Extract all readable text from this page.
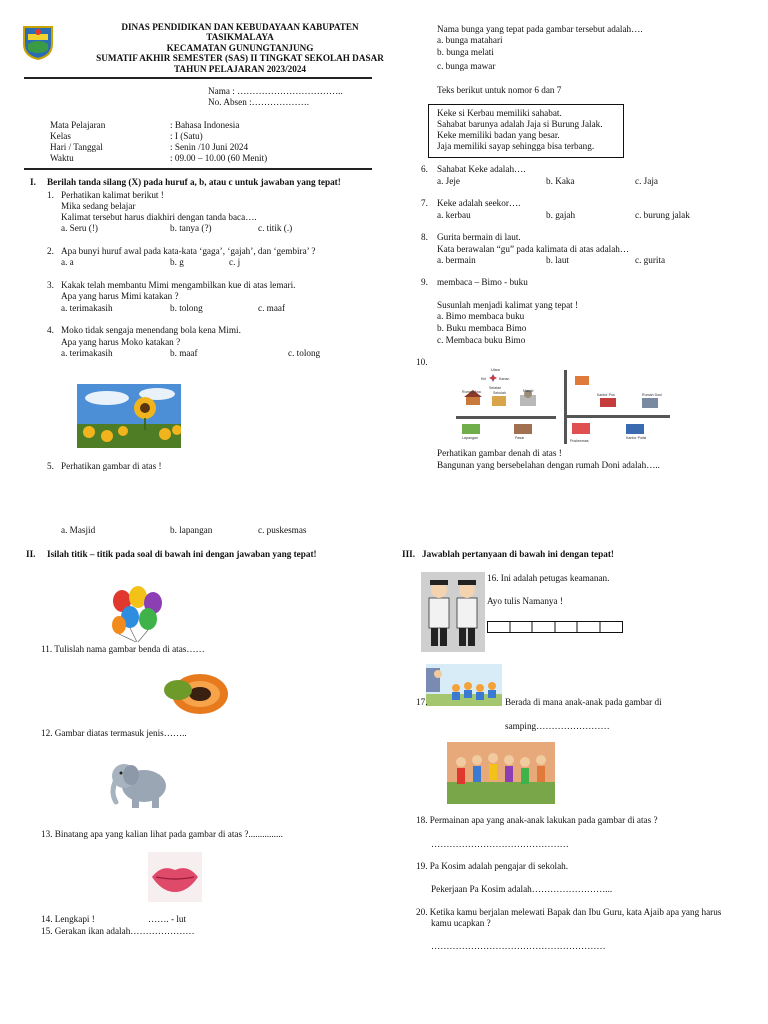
DINAS PENDIDIKAN DAN KEBUDAYAAN KABUPATEN
TASIKMALAYA
KECAMATAN GUNUNGTANJUNG
SUMATIF AKHIR SEMESTER (SAS) II TINGKAT SEKOLAH DASAR
TAHUN PELAJARAN 2023/2024
Nama : ……………………………..
No. Absen :……………….
Mata Pelajaran	: Bahasa Indonesia
Kelas	: I (Satu)
Hari / Tanggal	: Senin /10 Juni 2024
Waktu	: 09.00 – 10.00 (60 Menit)
I. Berilah tanda silang (X) pada huruf a, b, atau c untuk jawaban yang tepat!
1. Perhatikan kalimat berikut !
Mika sedang belajar
Kalimat tersebut harus diakhiri dengan tanda baca….
a. Seru (!)	b. tanya (?)	c. titik (.)
2. Apa bunyi huruf awal pada kata-kata ‘gaga’, ‘gajah’, dan ‘gembira’ ?
a. a	b. g	c. j
3. Kakak telah membantu Mimi mengambilkan kue di atas lemari.
Apa yang harus Mimi katakan ?
a. terimakasih	b. tolong	c. maaf
4. Moko tidak sengaja menendang bola kena Mimi.
Apa yang harus Moko katakan ?
a. terimakasih	b. maaf	c. tolong
5. Perhatikan gambar di atas !
a. Masjid	b. lapangan	c. puskesmas
Nama bunga yang tepat pada gambar tersebut adalah….
a. bunga matahari
b. bunga melati
c. bunga mawar
Teks berikut untuk nomor 6 dan 7
Keke si Kerbau memiliki sahabat.
Sahabat barunya adalah Jaja si Burung Jalak.
Keke memiliki badan yang besar.
Jaja memiliki sayap sehingga bisa terbang.
6. Sahabat Keke adalah….
a. Jeje	b. Kaka	c. Jaja
7. Keke adalah seekor….
a. kerbau	b. gajah	c. burung jalak
8. Gurita bermain di laut.
Kata berawalan “gu” pada kalimata di atas adalah…
a. bermain	b. laut	c. gurita
9. membaca – Bimo - buku
Susunlah menjadi kalimat yang tepat !
a. Bimo membaca buku
b. Buku membaca Bimo
c. Membaca buku Bimo
10.
Utara
Kiri	Kanan
Selatan
Rumah Ana	Sekolah	Masjid
Kantor Pos	Rumah Doni
Lapangan	Pasar
Puskesmas
Kantor Polisi
Perhatikan gambar denah di atas !
Bangunan yang bersebelahan dengan rumah Doni adalah…..
II. Isilah titik – titik pada soal di bawah ini dengan jawaban yang tepat!
11. Tulislah nama gambar benda di atas……
12. Gambar diatas termasuk jenis……..
13. Binatang apa yang kalian lihat pada gambar di atas ?...............
14. Lengkapi !	……. - lut
15. Gerakan ikan adalah…………………
III. Jawablah pertanyaan di bawah ini dengan tepat!
16. Ini adalah petugas keamanan.
Ayo tulis Namanya !
17.	Berada di mana anak-anak pada gambar di
samping……………………
18. Permainan apa yang anak-anak lakukan pada gambar di atas ?
………………………………………
19. Pa Kosim adalah pengajar di sekolah.
Pekerjaan Pa Kosim adalah……………………...
20. Ketika kamu berjalan melewati Bapak dan Ibu Guru, kata Ajaib apa yang harus
kamu ucapkan ?
…………………………………………………
